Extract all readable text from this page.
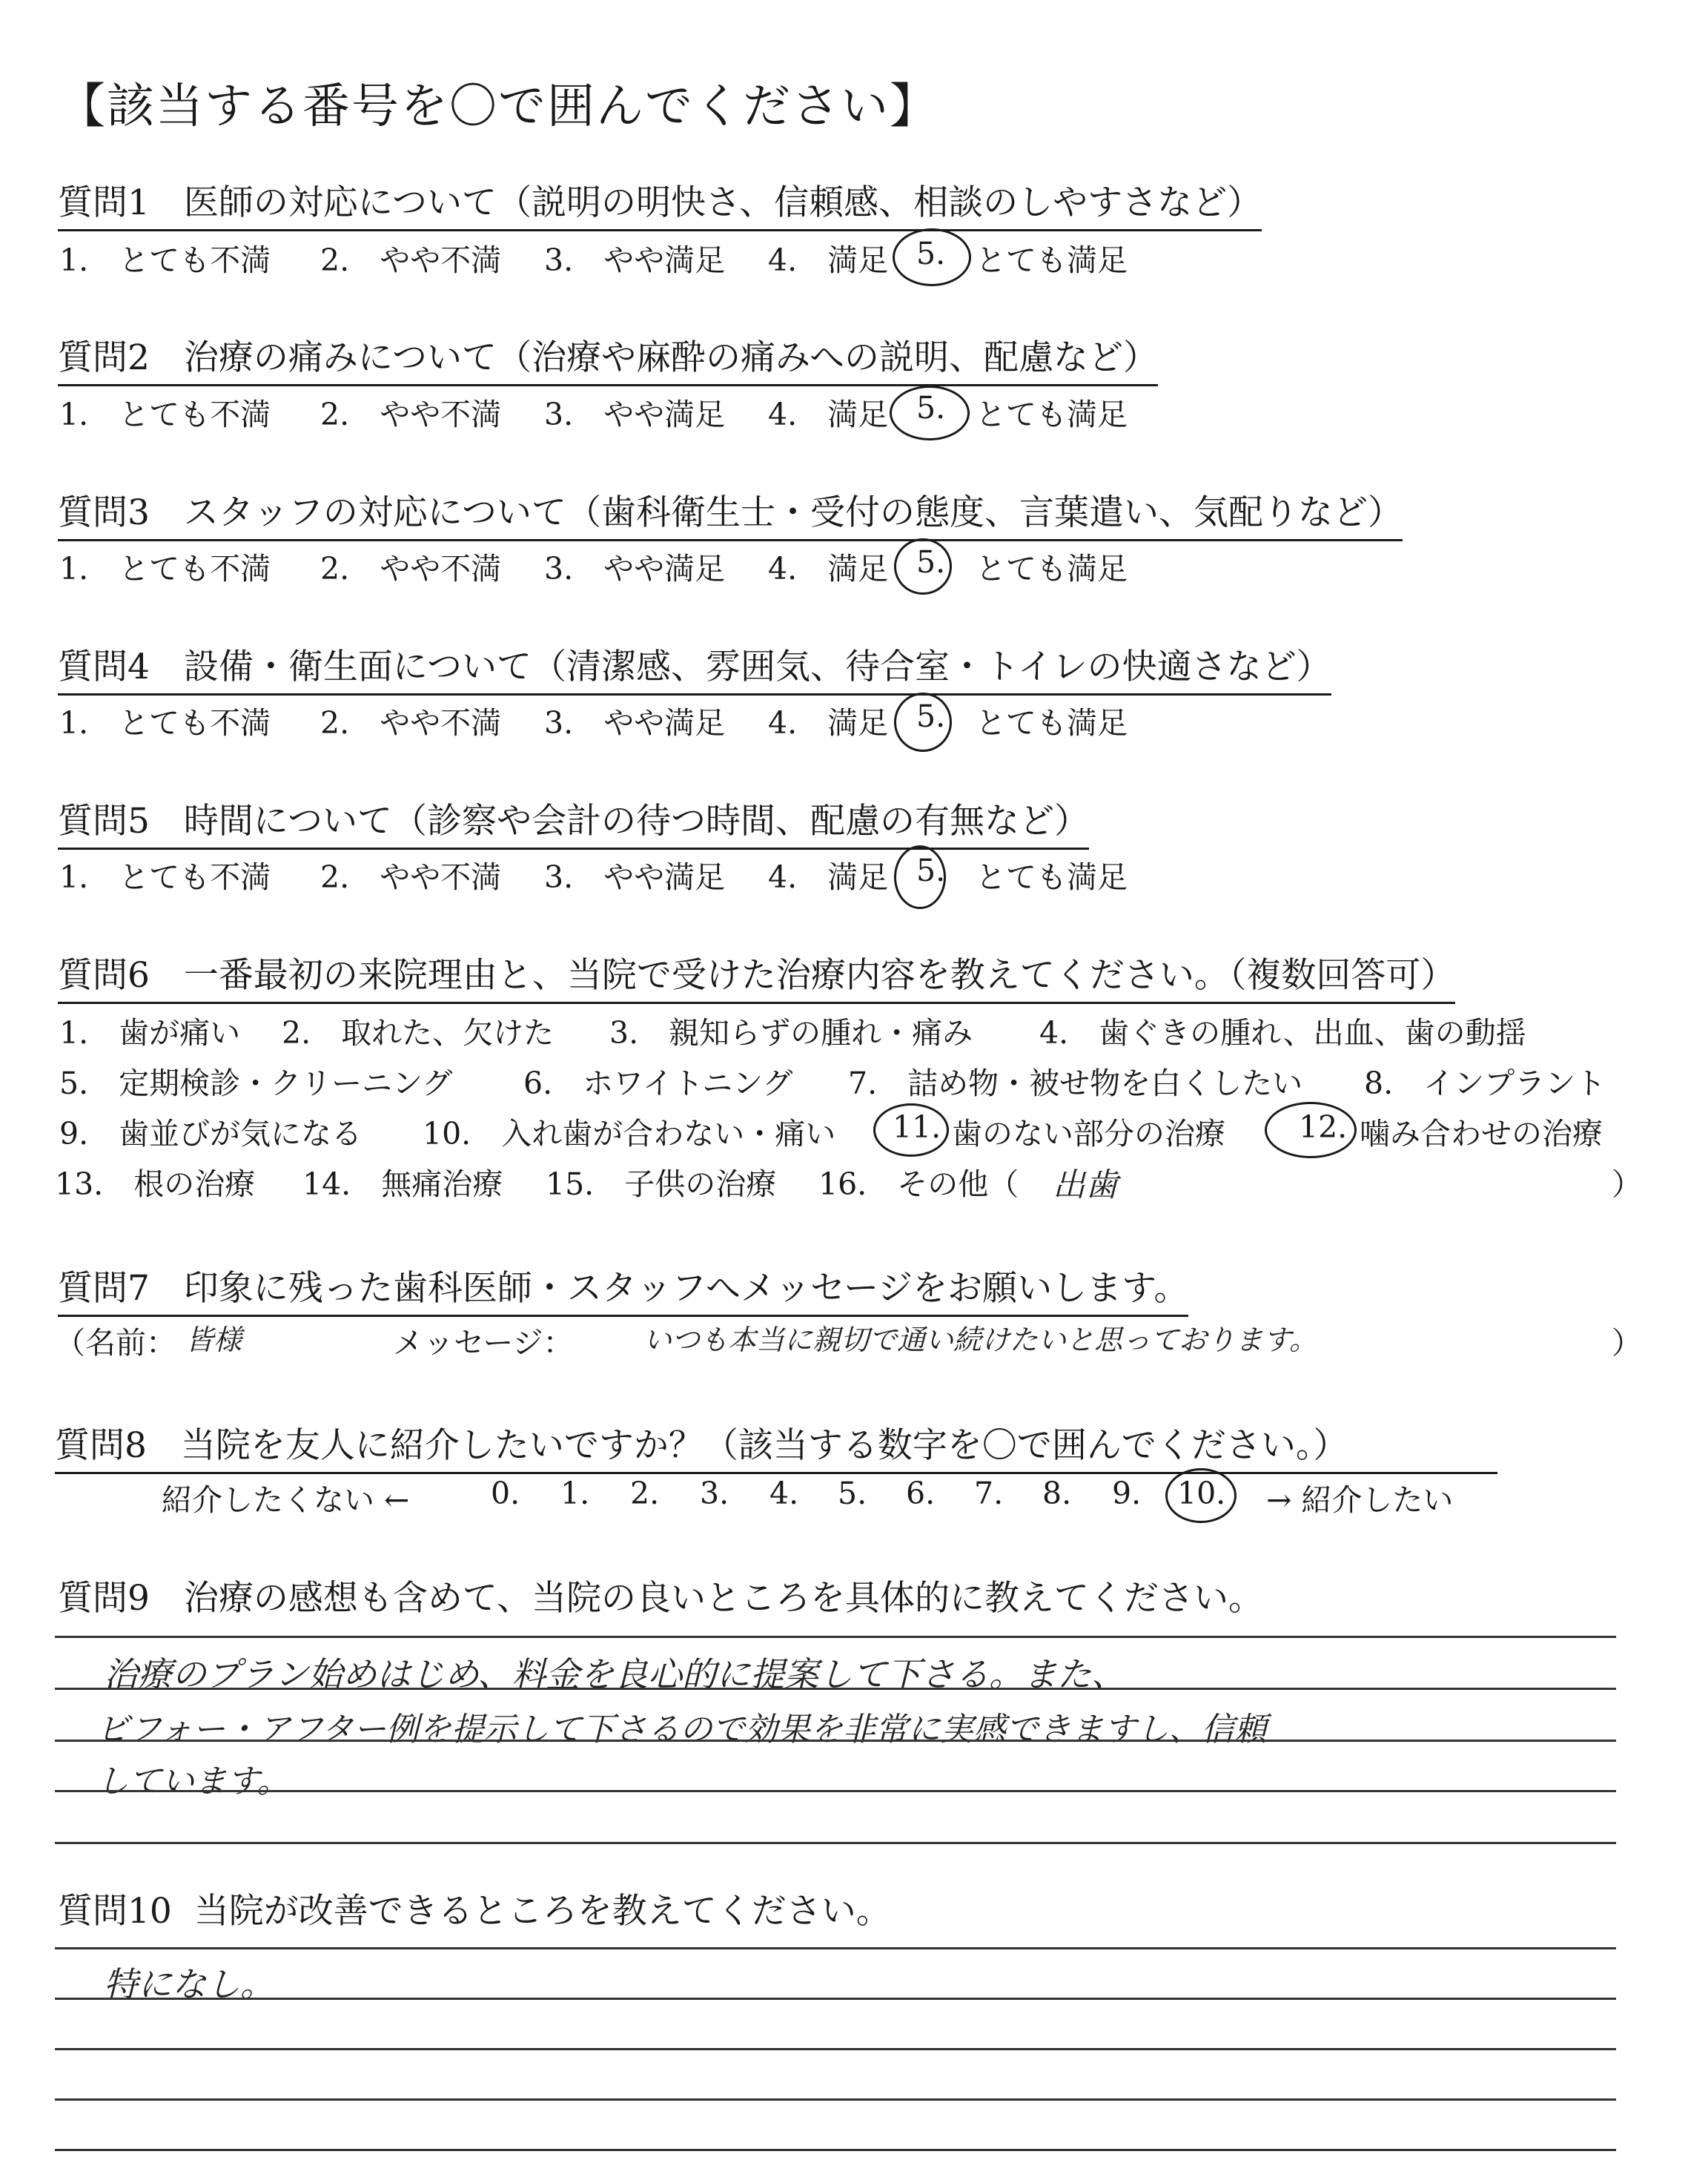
【該当する番号を〇で囲んでください】
質問1 医師の対応について（説明の明快さ、信頼感、相談のしやすさなど）
1.　とても不満 2.　やや不満 3.　やや満足 4.　満足 5. とても満足
質問2 治療の痛みについて（治療や麻酔の痛みへの説明、配慮など）
1.　とても不満 2.　やや不満 3.　やや満足 4.　満足 5. とても満足
質問3 スタッフの対応について（歯科衛生士・受付の態度、言葉遣い、気配りなど）
1.　とても不満 2.　やや不満 3.　やや満足 4.　満足 5. とても満足
質問4 設備・衛生面について（清潔感、雰囲気、待合室・トイレの快適さなど）
1.　とても不満 2.　やや不満 3.　やや満足 4.　満足 5. とても満足
質問5 時間について（診察や会計の待つ時間、配慮の有無など）
1.　とても不満 2.　やや不満 3.　やや満足 4.　満足 5. とても満足
質問6 一番最初の来院理由と、当院で受けた治療内容を教えてください。（複数回答可）
1.　歯が痛い 2.　取れた、欠けた 3.　親知らずの腫れ・痛み 4.　歯ぐきの腫れ、出血、歯の動揺
5.　定期検診・クリーニング 6.　ホワイトニング 7.　詰め物・被せ物を白くしたい 8.　インプラント
9.　歯並びが気になる 10.　入れ歯が合わない・痛い 11. 歯のない部分の治療 12. 噛み合わせの治療
13.　根の治療 14.　無痛治療 15.　子供の治療 16.　その他（ 出歯	）
質問7 印象に残った歯科医師・スタッフへメッセージをお願いします。
（名前： 皆様	メッセージ： いつも本当に親切で通い続けたいと思っております。	）
質問8 当院を友人に紹介したいですか？（該当する数字を〇で囲んでください。）
紹介したくない ←	0. 1. 2. 3. 4. 5. 6. 7. 8. 9. 10. → 紹介したい
質問9 治療の感想も含めて、当院の良いところを具体的に教えてください。
治療のプラン始めはじめ、料金を良心的に提案して下さる。また、
ビフォー・アフター例を提示して下さるので効果を非常に実感できますし、信頼
しています。
質問10 当院が改善できるところを教えてください。
特になし。
